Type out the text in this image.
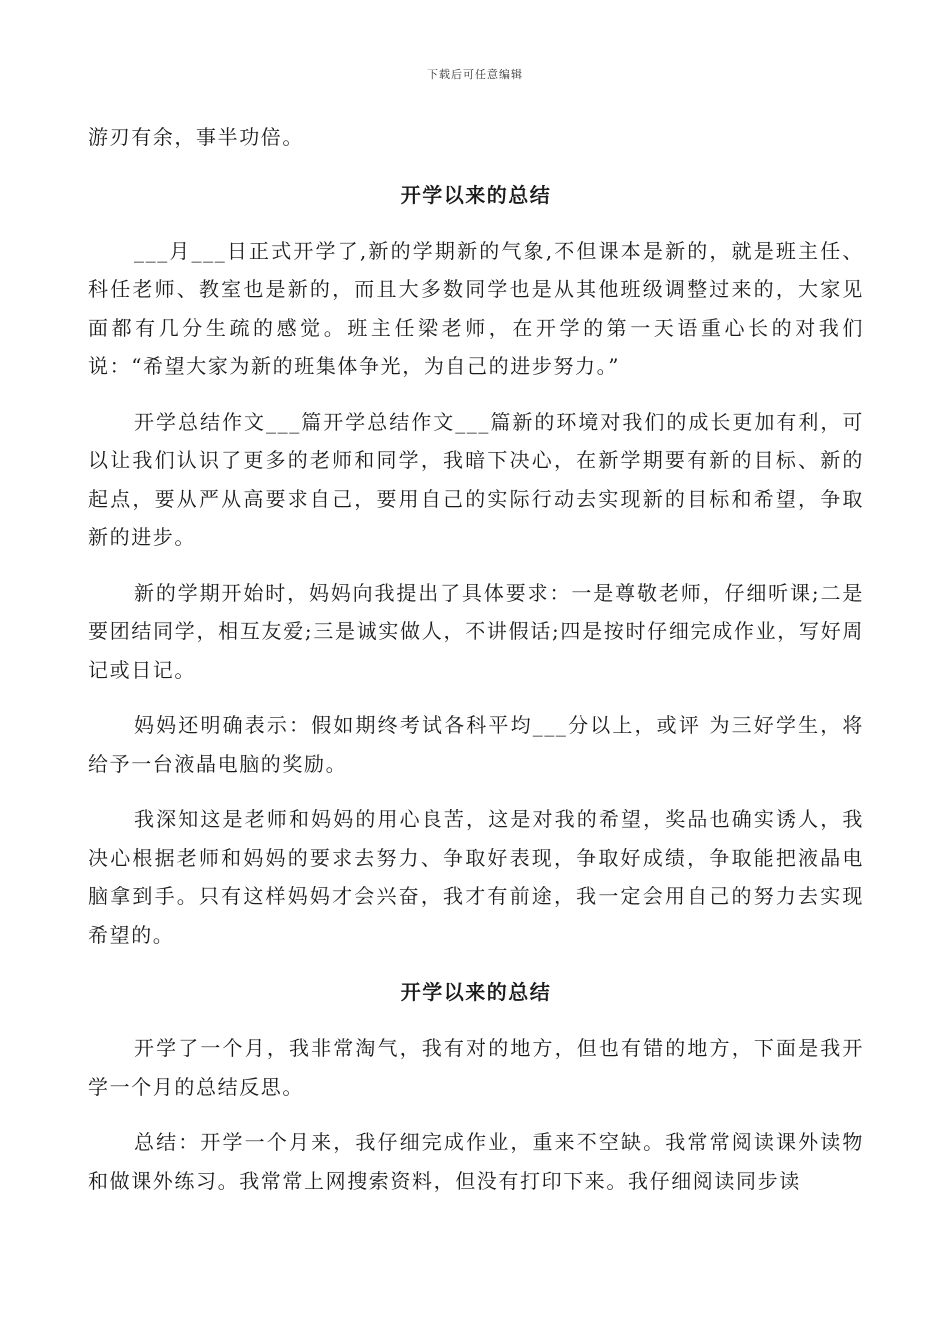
下载后可任意编辑

游刃有余，事半功倍。

开学以来的总结

___月___日正式开学了,新的学期新的气象,不但课本是新的，就是班主任、科任老师、教室也是新的，而且大多数同学也是从其他班级调整过来的，大家见面都有几分生疏的感觉。班主任梁老师，在开学的第一天语重心长的对我们说：“希望大家为新的班集体争光，为自己的进步努力。”

开学总结作文___篇开学总结作文___篇新的环境对我们的成长更加有利，可以让我们认识了更多的老师和同学，我暗下决心，在新学期要有新的目标、新的起点，要从严从高要求自己，要用自己的实际行动去实现新的目标和希望，争取新的进步。

新的学期开始时，妈妈向我提出了具体要求：一是尊敬老师，仔细听课;二是要团结同学，相互友爱;三是诚实做人，不讲假话;四是按时仔细完成作业，写好周记或日记。

妈妈还明确表示：假如期终考试各科平均___分以上，或评 为三好学生，将给予一台液晶电脑的奖励。

我深知这是老师和妈妈的用心良苦，这是对我的希望，奖品也确实诱人，我决心根据老师和妈妈的要求去努力、争取好表现，争取好成绩，争取能把液晶电脑拿到手。只有这样妈妈才会兴奋，我才有前途，我一定会用自己的努力去实现希望的。

开学以来的总结

开学了一个月，我非常淘气，我有对的地方，但也有错的地方，下面是我开学一个月的总结反思。

总结：开学一个月来，我仔细完成作业，重来不空缺。我常常阅读课外读物和做课外练习。我常常上网搜索资料，但没有打印下来。我仔细阅读同步读
